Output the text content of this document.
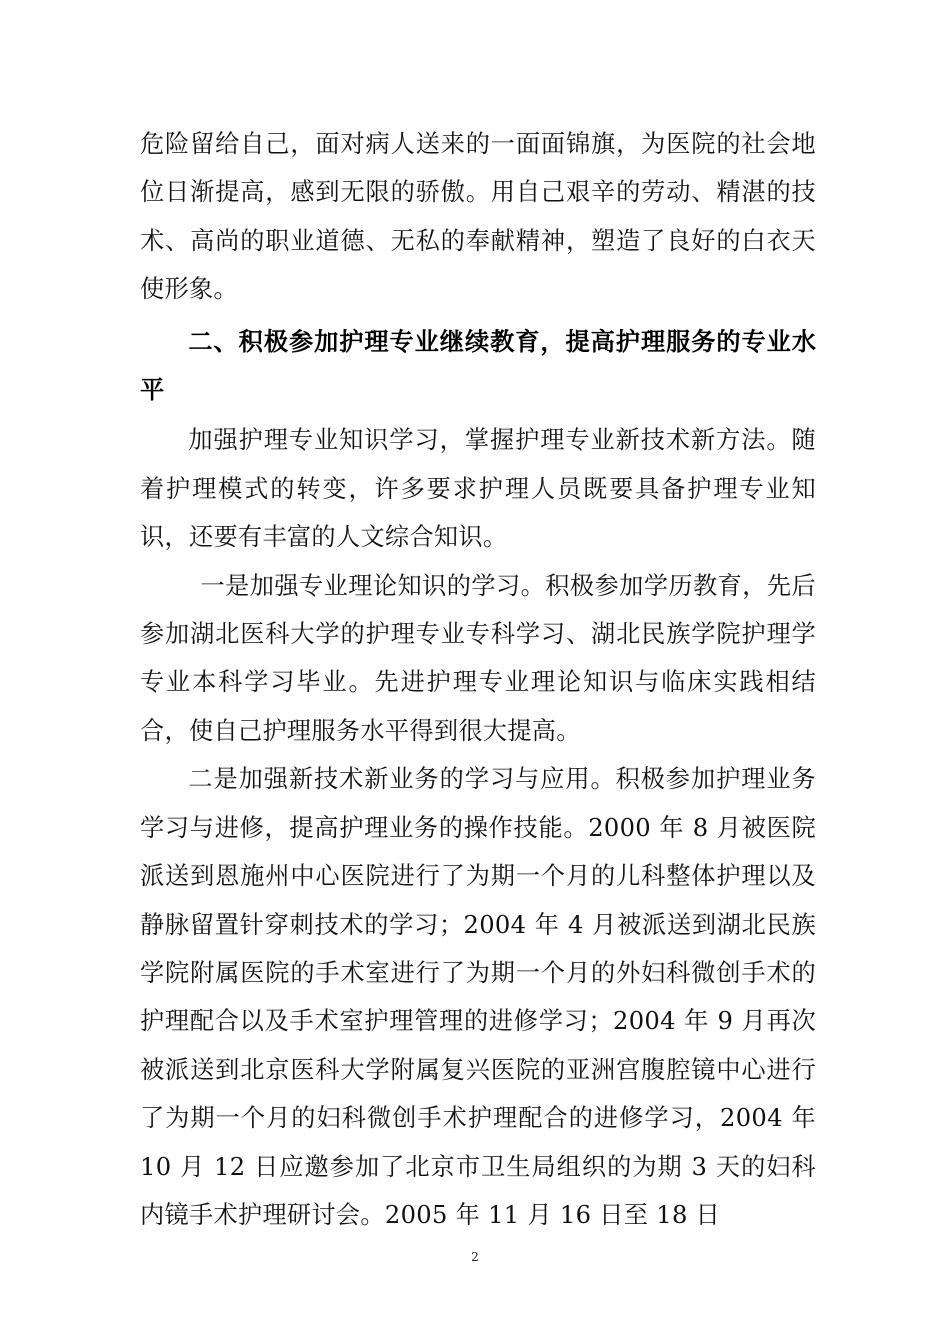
危险留给自己，面对病人送来的一面面锦旗，为医院的社会地位日渐提高，感到无限的骄傲。用自己艰辛的劳动、精湛的技术、高尚的职业道德、无私的奉献精神，塑造了良好的白衣天使形象。

二、积极参加护理专业继续教育，提高护理服务的专业水平

加强护理专业知识学习，掌握护理专业新技术新方法。随着护理模式的转变，许多要求护理人员既要具备护理专业知识，还要有丰富的人文综合知识。

一是加强专业理论知识的学习。积极参加学历教育，先后参加湖北医科大学的护理专业专科学习、湖北民族学院护理学专业本科学习毕业。先进护理专业理论知识与临床实践相结合，使自己护理服务水平得到很大提高。

二是加强新技术新业务的学习与应用。积极参加护理业务学习与进修，提高护理业务的操作技能。2000 年 8 月被医院派送到恩施州中心医院进行了为期一个月的儿科整体护理以及静脉留置针穿刺技术的学习；2004 年 4 月被派送到湖北民族学院附属医院的手术室进行了为期一个月的外妇科微创手术的护理配合以及手术室护理管理的进修学习；2004 年 9 月再次被派送到北京医科大学附属复兴医院的亚洲宫腹腔镜中心进行了为期一个月的妇科微创手术护理配合的进修学习，2004 年 10 月 12 日应邀参加了北京市卫生局组织的为期 3 天的妇科内镜手术护理研讨会。2005 年 11 月 16 日至 18 日

2
